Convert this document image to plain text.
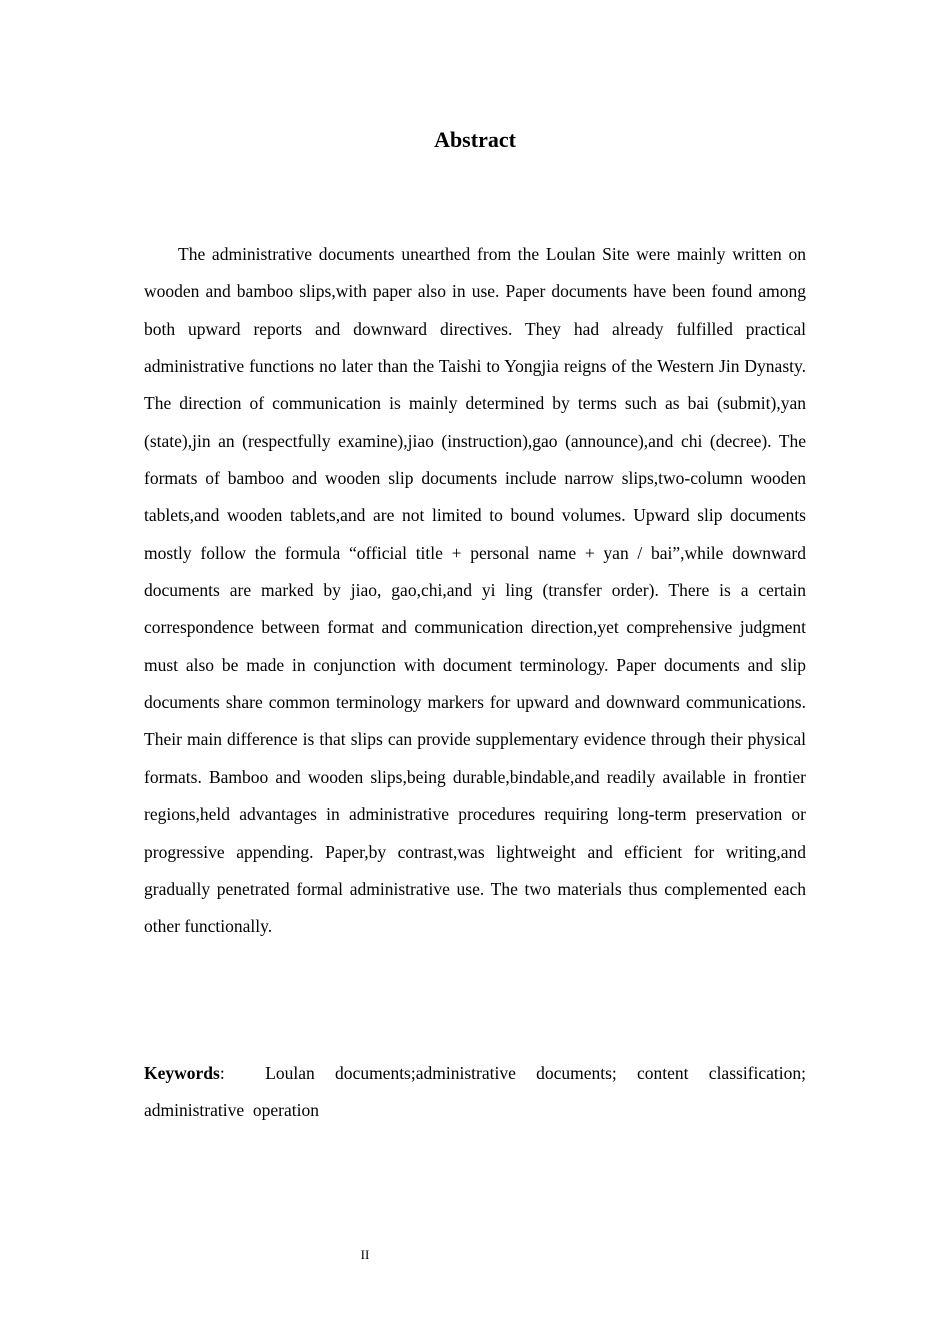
Abstract

The administrative documents unearthed from the Loulan Site were mainly written on wooden and bamboo slips,with paper also in use. Paper documents have been found among both upward reports and downward directives. They had already fulfilled practical administrative functions no later than the Taishi to Yongjia reigns of the Western Jin Dynasty. The direction of communication is mainly determined by terms such as bai (submit),yan (state),jin an (respectfully examine),jiao (instruction),gao (announce),and chi (decree). The formats of bamboo and wooden slip documents include narrow slips,two-column wooden tablets,and wooden tablets,and are not limited to bound volumes. Upward slip documents mostly follow the formula “official title + personal name + yan / bai”,while downward documents are marked by jiao, gao,chi,and yi ling (transfer order). There is a certain correspondence between format and communication direction,yet comprehensive judgment must also be made in conjunction with document terminology. Paper documents and slip documents share common terminology markers for upward and downward communications. Their main difference is that slips can provide supplementary evidence through their physical formats. Bamboo and wooden slips,being durable,bindable,and readily available in frontier regions,held advantages in administrative procedures requiring long-term preservation or progressive appending. Paper,by contrast,was lightweight and efficient for writing,and gradually penetrated formal administrative use. The two materials thus complemented each other functionally.

Keywords:  Loulan documents;administrative documents; content classification; administrative  operation

II
